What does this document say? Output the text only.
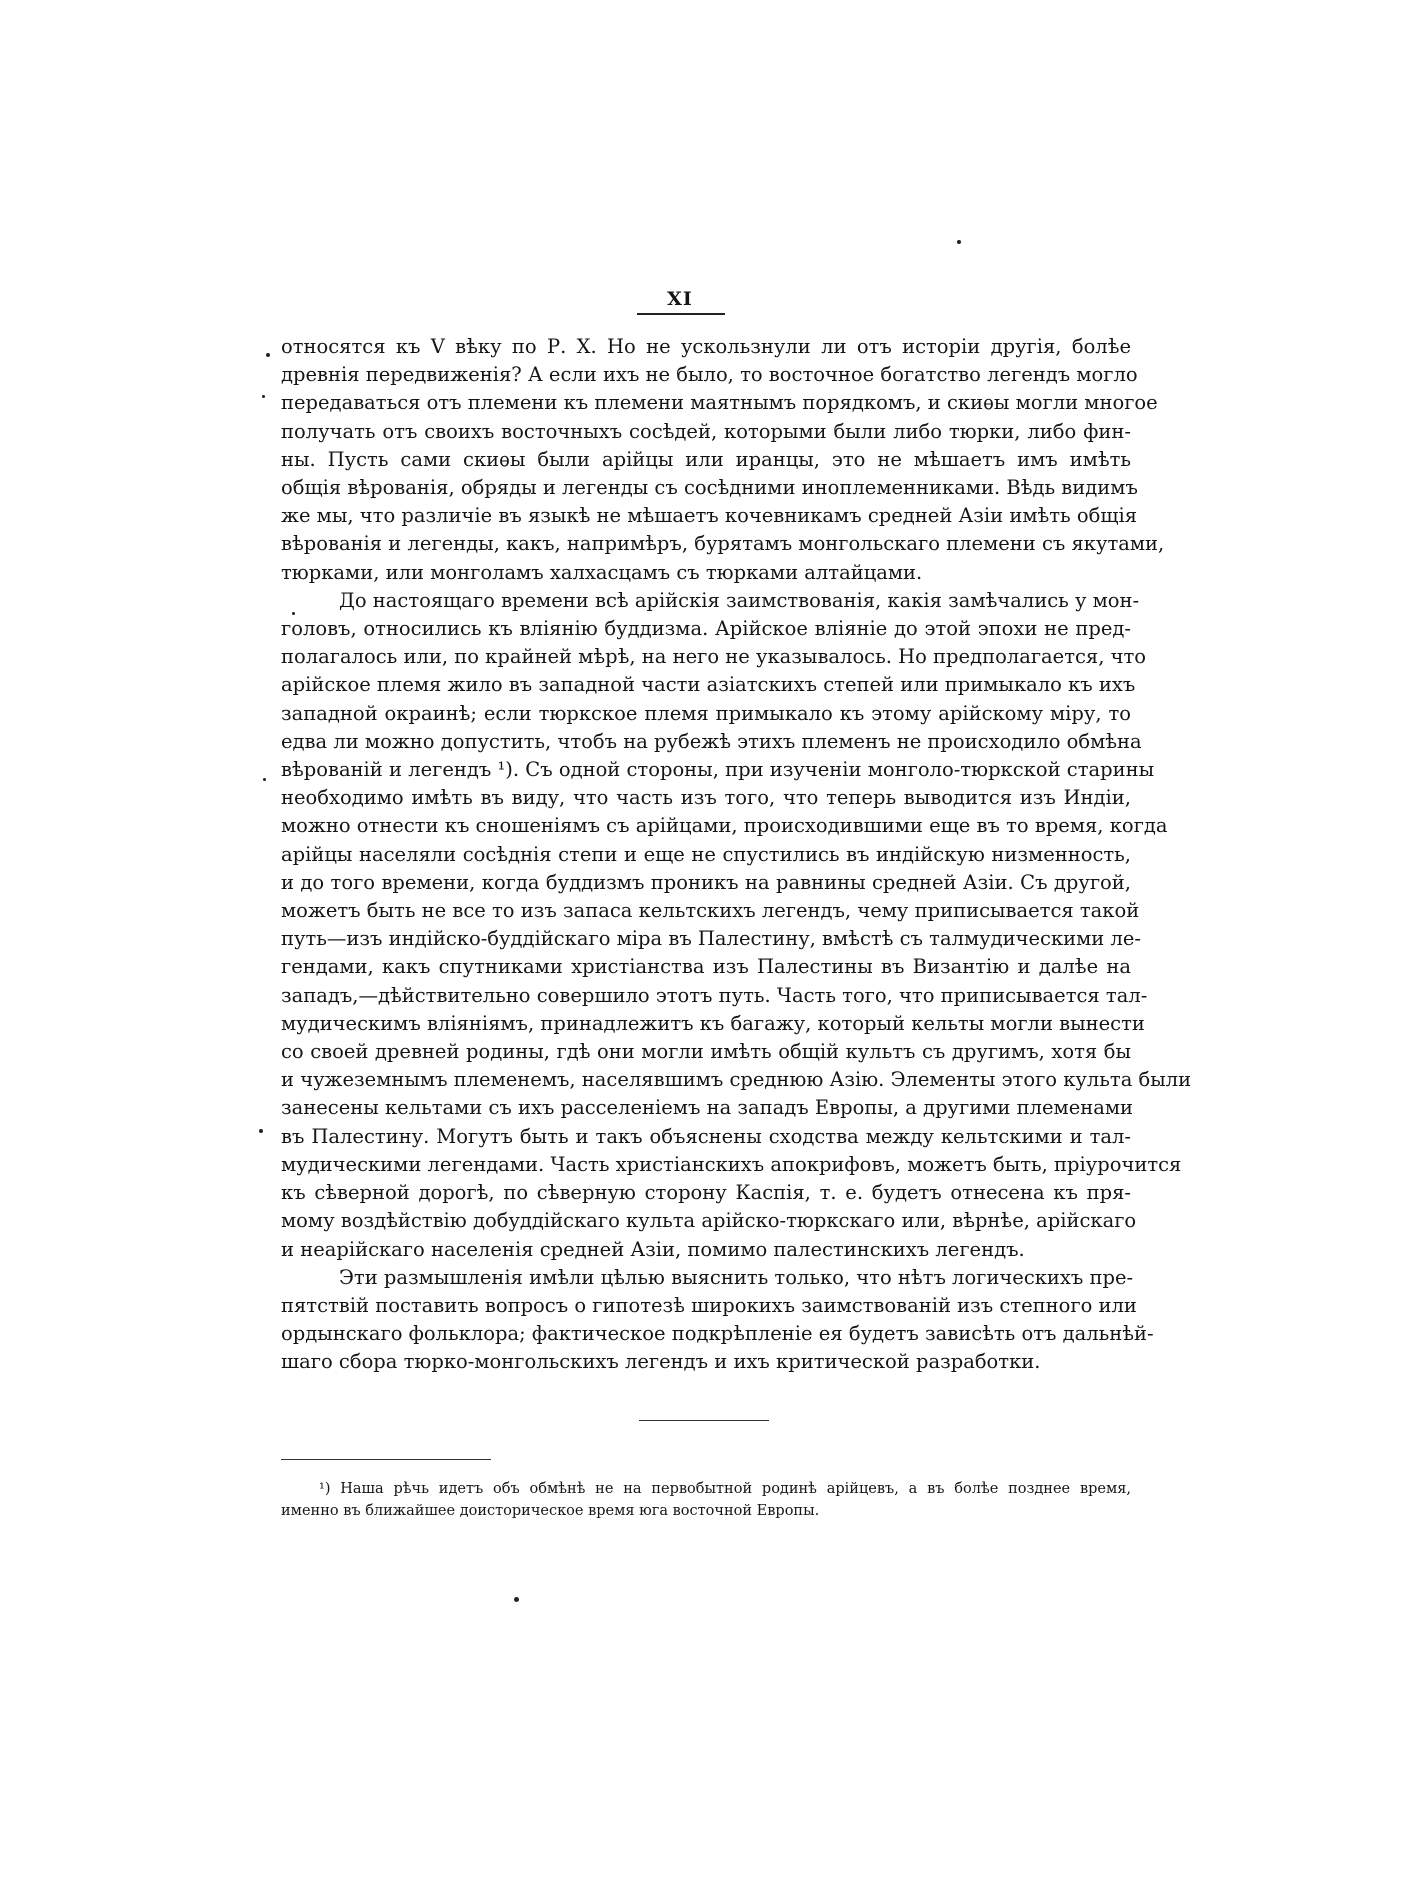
XI
относятся къ V вѣку по Р. Х. Но не ускользнули ли отъ исторіи другія, болѣе
древнія передвиженія? А если ихъ не было, то восточное богатство легендъ могло
передаваться отъ племени къ племени маятнымъ порядкомъ, и скиѳы могли многое
получать отъ своихъ восточныхъ сосѣдей, которыми были либо тюрки, либо фин-
ны. Пусть сами скиѳы были арійцы или иранцы, это не мѣшаетъ имъ имѣть
общія вѣрованія, обряды и легенды съ сосѣдними иноплеменниками. Вѣдь видимъ
же мы, что различіе въ языкѣ не мѣшаетъ кочевникамъ средней Азіи имѣть общія
вѣрованія и легенды, какъ, напримѣръ, бурятамъ монгольскаго племени съ якутами,
тюрками, или монголамъ халхасцамъ съ тюрками алтайцами.
До настоящаго времени всѣ арійскія заимствованія, какія замѣчались у мон-
головъ, относились къ вліянію буддизма. Арійское вліяніе до этой эпохи не пред-
полагалось или, по крайней мѣрѣ, на него не указывалось. Но предполагается, что
арійское племя жило въ западной части азіатскихъ степей или примыкало къ ихъ
западной окраинѣ; если тюркское племя примыкало къ этому арійскому міру, то
едва ли можно допустить, чтобъ на рубежѣ этихъ племенъ не происходило обмѣна
вѣрованій и легендъ ¹). Съ одной стороны, при изученіи монголо-тюркской старины
необходимо имѣть въ виду, что часть изъ того, что теперь выводится изъ Индіи,
можно отнести къ сношеніямъ съ арійцами, происходившими еще въ то время, когда
арійцы населяли сосѣднія степи и еще не спустились въ индійскую низменность,
и до того времени, когда буддизмъ проникъ на равнины средней Азіи. Съ другой,
можетъ быть не все то изъ запаса кельтскихъ легендъ, чему приписывается такой
путь—изъ индійско-буддійскаго міра въ Палестину, вмѣстѣ съ талмудическими ле-
гендами, какъ спутниками христіанства изъ Палестины въ Византію и далѣе на
западъ,—дѣйствительно совершило этотъ путь. Часть того, что приписывается тал-
мудическимъ вліяніямъ, принадлежитъ къ багажу, который кельты могли вынести
со своей древней родины, гдѣ они могли имѣть общій культъ съ другимъ, хотя бы
и чужеземнымъ племенемъ, населявшимъ среднюю Азію. Элементы этого культа были
занесены кельтами съ ихъ расселеніемъ на западъ Европы, а другими племенами
въ Палестину. Могутъ быть и такъ объяснены сходства между кельтскими и тал-
мудическими легендами. Часть христіанскихъ апокрифовъ, можетъ быть, пріурочится
къ сѣверной дорогѣ, по сѣверную сторону Каспія, т. е. будетъ отнесена къ пря-
мому воздѣйствію добуддійскаго культа арійско-тюркскаго или, вѣрнѣе, арійскаго
и неарійскаго населенія средней Азіи, помимо палестинскихъ легендъ.
Эти размышленія имѣли цѣлью выяснить только, что нѣтъ логическихъ пре-
пятствій поставить вопросъ о гипотезѣ широкихъ заимствованій изъ степного или
ордынскаго фольклора; фактическое подкрѣпленіе ея будетъ зависѣть отъ дальнѣй-
шаго сбора тюрко-монгольскихъ легендъ и ихъ критической разработки.
¹) Наша рѣчь идетъ объ обмѣнѣ не на первобытной родинѣ арійцевъ, а въ болѣе позднее время,
именно въ ближайшее доисторическое время юга восточной Европы.
